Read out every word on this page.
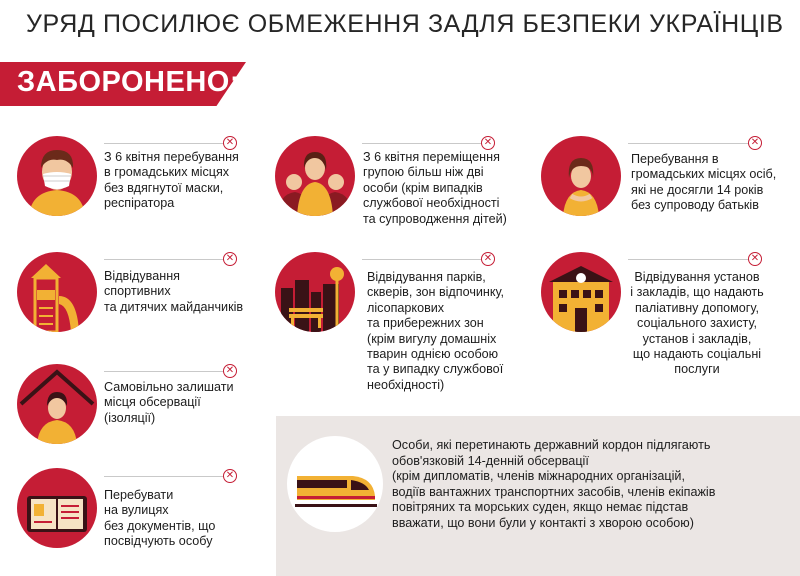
УРЯД ПОСИЛЮЄ ОБМЕЖЕННЯ ЗАДЛЯ БЕЗПЕКИ УКРАЇНЦІВ
ЗАБОРОНЕНО:
✕
З 6 квітня перебування
в громадських місцях
без вдягнутої маски,
респіратора
✕
З 6 квітня переміщення
групою більш ніж дві
особи (крім випадків
службової необхідності
та супроводження дітей)
✕
Перебування в
громадських місцях осіб,
які не досягли 14 років
без супроводу батьків
✕
Відвідування
спортивних
та дитячих майданчиків
✕
Відвідування парків,
скверів, зон відпочинку,
лісопаркових
та прибережних зон
(крім вигулу домашніх
тварин однією особою
та у випадку службової
необхідності)
✕
Відвідування установ
і закладів, що надають
паліативну допомогу,
соціального захисту,
установ і закладів,
що надають соціальні
послуги
✕
Самовільно залишати
місця обсервації
(ізоляції)
✕
Перебувати
на вулицях
без документів, що
посвідчують особу
Особи, які перетинають державний кордон підлягають
обов'язковій 14-денній обсервації
(крім дипломатів, членів міжнародних організацій,
водіїв вантажних транспортних засобів, членів екіпажів
повітряних та морських суден, якщо немає підстав
вважати, що вони були у контакті з хворою особою)
